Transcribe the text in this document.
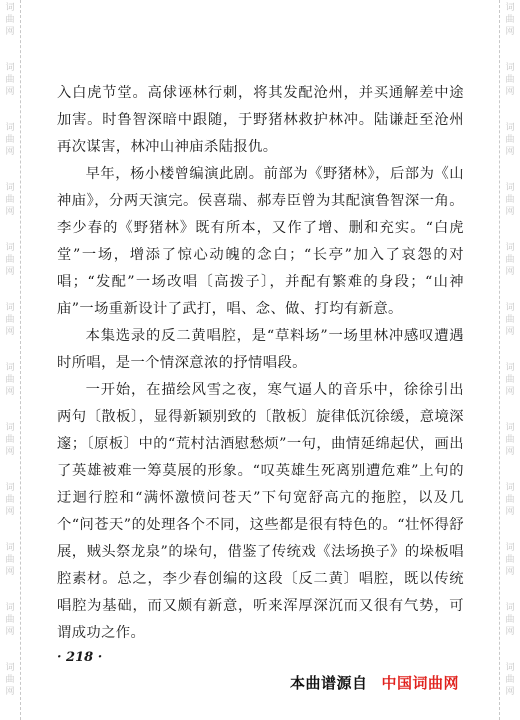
词
曲
网
词
曲
网
词
曲
网
词
曲
网
词
曲
网
词
曲
网
词
曲
网
词
曲
网
词
曲
网
词
曲
网
词
曲
网
词
曲
网
词
曲
网
词
曲
网
词
曲
网
词
曲
网
词
曲
网
词
曲
网
词
曲
网
词
曲
网
词
曲
网
词
曲
网
词
曲
网
词
曲
网

入白虎节堂。高俅诬林行刺，将其发配沧州，并买通解差中途加害。时鲁智深暗中跟随，于野猪林救护林冲。陆谦赶至沧州再次谋害，林冲山神庙杀陆报仇。

早年，杨小楼曾编演此剧。前部为《野猪林》，后部为《山神庙》，分两天演完。侯喜瑞、郝寿臣曾为其配演鲁智深一角。李少春的《野猪林》既有所本，又作了增、删和充实。“白虎堂”一场，增添了惊心动魄的念白；“长亭”加入了哀怨的对唱；“发配”一场改唱〔高拨子〕，并配有繁难的身段；“山神庙”一场重新设计了武打，唱、念、做、打均有新意。

本集选录的反二黄唱腔，是“草料场”一场里林冲感叹遭遇时所唱，是一个情深意浓的抒情唱段。

一开始，在描绘风雪之夜，寒气逼人的音乐中，徐徐引出两句〔散板〕，显得新颖别致的〔散板〕旋律低沉徐缓，意境深邃；〔原板〕中的“荒村沽酒慰愁烦”一句，曲情延绵起伏，画出了英雄被难一筹莫展的形象。“叹英雄生死离别遭危难”上句的迂迴行腔和“满怀激愤问苍天”下句宽舒高亢的拖腔，以及几个“问苍天”的处理各个不同，这些都是很有特色的。“壮怀得舒展，贼头祭龙泉”的垛句，借鉴了传统戏《法场换子》的垛板唱腔素材。总之，李少春创编的这段〔反二黄〕唱腔，既以传统唱腔为基础，而又颇有新意，听来浑厚深沉而又很有气势，可谓成功之作。

· 218 ·
本曲谱源自 中国词曲网
